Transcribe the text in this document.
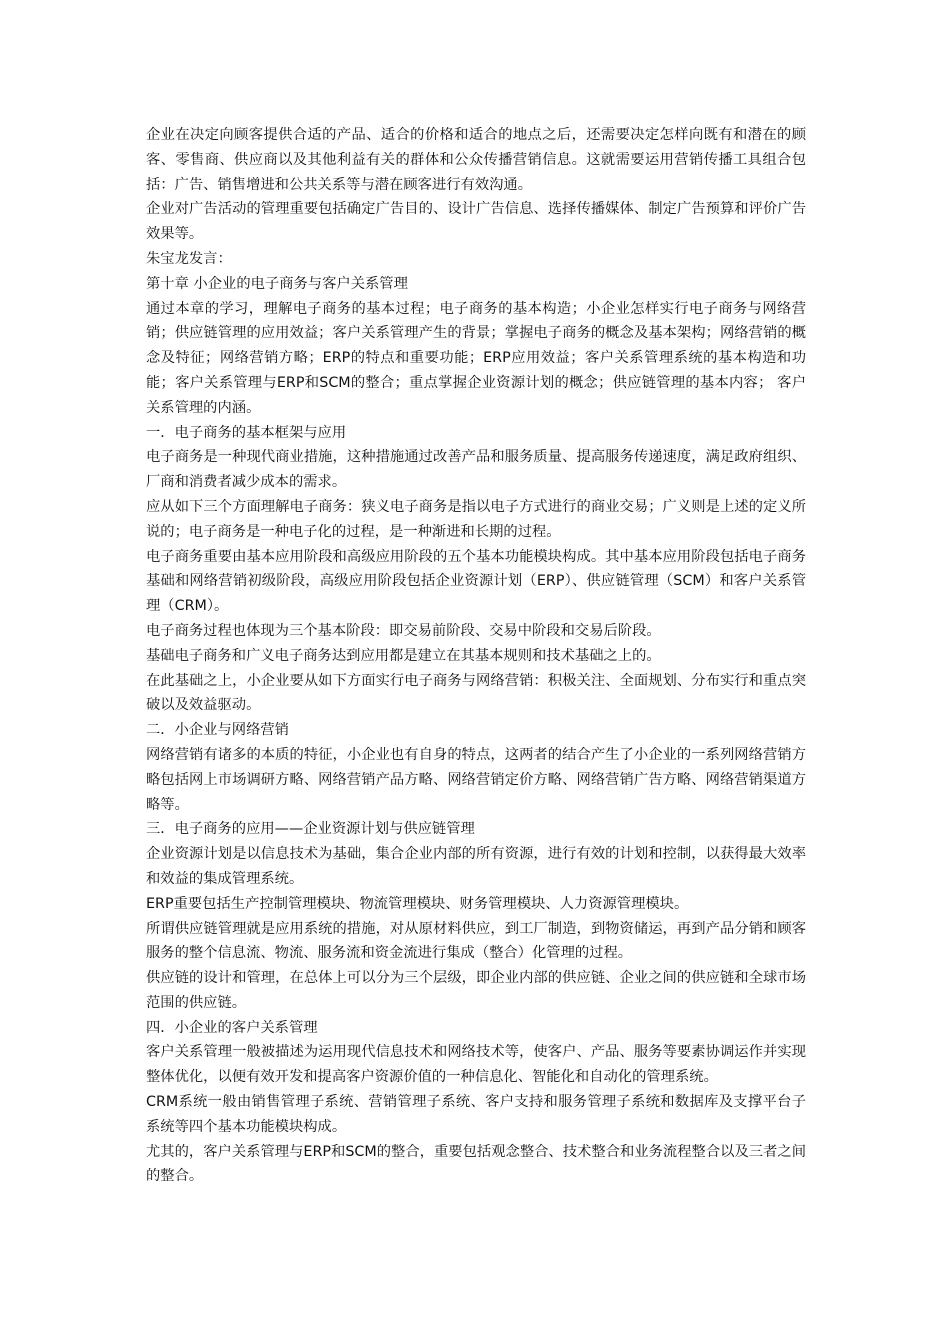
企业在决定向顾客提供合适的产品、适合的价格和适合的地点之后，还需要决定怎样向既有和潜在的顾客、零售商、供应商以及其他利益有关的群体和公众传播营销信息。这就需要运用营销传播工具组合包括：广告、销售增进和公共关系等与潜在顾客进行有效沟通。

企业对广告活动的管理重要包括确定广告目的、设计广告信息、选择传播媒体、制定广告预算和评价广告效果等。

朱宝龙发言：

第十章 小企业的电子商务与客户关系管理

通过本章的学习，理解电子商务的基本过程；电子商务的基本构造；小企业怎样实行电子商务与网络营销；供应链管理的应用效益；客户关系管理产生的背景；掌握电子商务的概念及基本架构；网络营销的概念及特征；网络营销方略；ERP的特点和重要功能；ERP应用效益；客户关系管理系统的基本构造和功能；客户关系管理与ERP和SCM的整合；重点掌握企业资源计划的概念；供应链管理的基本内容； 客户关系管理的内涵。

一．电子商务的基本框架与应用

电子商务是一种现代商业措施，这种措施通过改善产品和服务质量、提高服务传递速度，满足政府组织、厂商和消费者减少成本的需求。

应从如下三个方面理解电子商务：狭义电子商务是指以电子方式进行的商业交易；广义则是上述的定义所说的；电子商务是一种电子化的过程，是一种渐进和长期的过程。

电子商务重要由基本应用阶段和高级应用阶段的五个基本功能模块构成。其中基本应用阶段包括电子商务基础和网络营销初级阶段，高级应用阶段包括企业资源计划（ERP）、供应链管理（SCM）和客户关系管理（CRM）。

电子商务过程也体现为三个基本阶段：即交易前阶段、交易中阶段和交易后阶段。

基础电子商务和广义电子商务达到应用都是建立在其基本规则和技术基础之上的。

在此基础之上，小企业要从如下方面实行电子商务与网络营销：积极关注、全面规划、分布实行和重点突破以及效益驱动。

二．小企业与网络营销

网络营销有诸多的本质的特征，小企业也有自身的特点，这两者的结合产生了小企业的一系列网络营销方略包括网上市场调研方略、网络营销产品方略、网络营销定价方略、网络营销广告方略、网络营销渠道方略等。

三．电子商务的应用——企业资源计划与供应链管理

企业资源计划是以信息技术为基础，集合企业内部的所有资源，进行有效的计划和控制，以获得最大效率和效益的集成管理系统。

ERP重要包括生产控制管理模块、物流管理模块、财务管理模块、人力资源管理模块。

所谓供应链管理就是应用系统的措施，对从原材料供应，到工厂制造，到物资储运，再到产品分销和顾客服务的整个信息流、物流、服务流和资金流进行集成（整合）化管理的过程。

供应链的设计和管理，在总体上可以分为三个层级，即企业内部的供应链、企业之间的供应链和全球市场范围的供应链。

四．小企业的客户关系管理

客户关系管理一般被描述为运用现代信息技术和网络技术等，使客户、产品、服务等要素协调运作并实现整体优化，以便有效开发和提高客户资源价值的一种信息化、智能化和自动化的管理系统。

CRM系统一般由销售管理子系统、营销管理子系统、客户支持和服务管理子系统和数据库及支撑平台子系统等四个基本功能模块构成。

尤其的，客户关系管理与ERP和SCM的整合，重要包括观念整合、技术整合和业务流程整合以及三者之间的整合。
